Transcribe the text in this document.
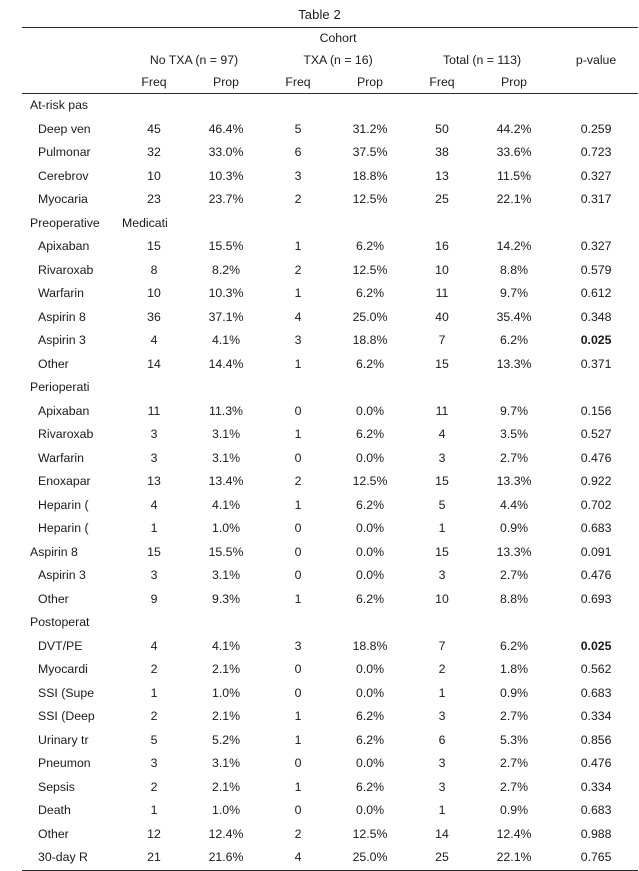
Table 2
	Cohort						
	No TXA (n = 97)		TXA (n = 16)		Total (n = 113)		p-value
	Freq	Prop	Freq	Prop	Freq	Prop	
At-risk pas							
Deep ven	45	46.4%	5	31.2%	50	44.2%	0.259
Pulmonar	32	33.0%	6	37.5%	38	33.6%	0.723
Cerebrov	10	10.3%	3	18.8%	13	11.5%	0.327
Myocaria	23	23.7%	2	12.5%	25	22.1%	0.317
Preoperative	Medicati						
Apixaban	15	15.5%	1	6.2%	16	14.2%	0.327
Rivaroxab	8	8.2%	2	12.5%	10	8.8%	0.579
Warfarin	10	10.3%	1	6.2%	11	9.7%	0.612
Aspirin 8	36	37.1%	4	25.0%	40	35.4%	0.348
Aspirin 3	4	4.1%	3	18.8%	7	6.2%	0.025
Other	14	14.4%	1	6.2%	15	13.3%	0.371
Perioperati							
Apixaban	11	11.3%	0	0.0%	11	9.7%	0.156
Rivaroxab	3	3.1%	1	6.2%	4	3.5%	0.527
Warfarin	3	3.1%	0	0.0%	3	2.7%	0.476
Enoxapar	13	13.4%	2	12.5%	15	13.3%	0.922
Heparin (	4	4.1%	1	6.2%	5	4.4%	0.702
Heparin (	1	1.0%	0	0.0%	1	0.9%	0.683
Aspirin 8	15	15.5%	0	0.0%	15	13.3%	0.091
Aspirin 3	3	3.1%	0	0.0%	3	2.7%	0.476
Other	9	9.3%	1	6.2%	10	8.8%	0.693
Postoperat							
DVT/PE	4	4.1%	3	18.8%	7	6.2%	0.025
Myocardi	2	2.1%	0	0.0%	2	1.8%	0.562
SSI (Supe	1	1.0%	0	0.0%	1	0.9%	0.683
SSI (Deep	2	2.1%	1	6.2%	3	2.7%	0.334
Urinary tr	5	5.2%	1	6.2%	6	5.3%	0.856
Pneumon	3	3.1%	0	0.0%	3	2.7%	0.476
Sepsis	2	2.1%	1	6.2%	3	2.7%	0.334
Death	1	1.0%	0	0.0%	1	0.9%	0.683
Other	12	12.4%	2	12.5%	14	12.4%	0.988
30-day R	21	21.6%	4	25.0%	25	22.1%	0.765
